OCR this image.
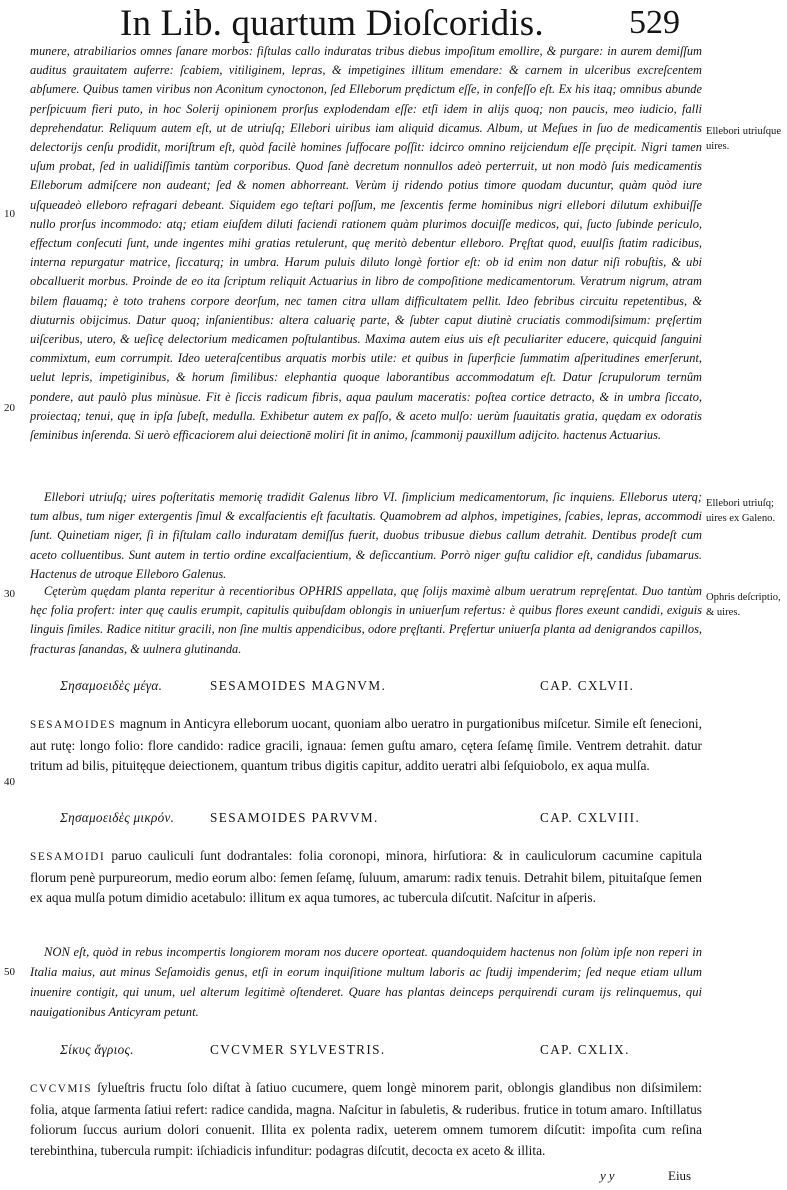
In Lib. quartum Dioſcoridis.	529

munere, atrabiliarios omnes ſanare morbos: fiſtulas callo induratas tribus diebus impoſitum emollire, & purgare: in aurem demiſſum auditus grauitatem auferre: ſcabiem, vitiliginem, lepras, & impetigines illitum emendare: & carnem in ulceribus excreſcentem abſumere. Quibus tamen viribus non Aconitum cynoctonon, ſed Elleborum prędictum eſſe, in confeſſo eſt. Ex his itaq; omnibus abunde perſpicuum fieri puto, in hoc Solerij opinionem prorſus explodendam eſſe: etſi idem in alijs quoq; non paucis, meo iudicio, falli deprehendatur. Reliquum autem eſt, ut de utriuſq; Ellebori uiribus iam aliquid dicamus. Album, ut Meſues in ſuo de medicamentis delectorijs cenſu prodidit, moriſtrum eſt, quòd facilè homines ſuffocare poſſit: idcirco omnino reijciendum eſſe pręcipit. Nigri tamen uſum probat, ſed in ualidiſſimis tantùm corporibus. Quod ſanè decretum nonnullos adeò perterruit, ut non modò ſuis medicamentis Elleborum admiſcere non audeant; ſed & nomen abhorreant. Verùm ij ridendo potius timore quodam ducuntur, quàm quòd iure uſqueadeò elleboro refragari debeant. Siquidem ego teſtari poſſum, me ſexcentis ferme hominibus nigri ellebori dilutum exhibuiſſe nullo prorſus incommodo: atq; etiam eiuſdem diluti faciendi rationem quàm plurimos docuiſſe medicos, qui, ſucto ſubinde periculo, effectum conſecuti ſunt, unde ingentes mihi gratias retulerunt, quę meritò debentur elleboro. Pręſtat quod, euulſis ſtatim radicibus, interna repurgatur matrice, ſiccaturq; in umbra. Harum puluis diluto longè fortior eſt: ob id enim non datur niſi robuſtis, & ubi obcalluerit morbus. Proinde de eo ita ſcriptum reliquit Actuarius in libro de compoſitione medicamentorum. Veratrum nigrum, atram bilem flauamq; è toto trahens corpore deorſum, nec tamen citra ullam difficultatem pellit. Ideo febribus circuitu repetentibus, & diuturnis obijcimus. Datur quoq; inſanientibus: altera caluarię parte, & ſubter caput diutinè cruciatis commodiſsimum: pręſertim uiſceribus, utero, & ueſicę delectorium medicamen poſtulantibus. Maxima autem eius uis eſt peculiariter educere, quicquid ſanguini commixtum, eum corrumpit. Ideo ueteraſcentibus arquatis morbis utile: et quibus in ſuperficie ſummatim aſperitudines emerſerunt, uelut lepris, impetiginibus, & horum ſimilibus: elephantia quoque laborantibus accommodatum eſt. Datur ſcrupulorum ternûm pondere, aut paulò plus minùsue. Fit è ſiccis radicum fibris, aqua paulum maceratis: poſtea cortice detracto, & in umbra ſiccato, proiectaq; tenui, quę in ipſa ſubeſt, medulla. Exhibetur autem ex paſſo, & aceto mulſo: uerùm ſuauitatis gratia, quędam ex odoratis ſeminibus inſerenda. Si uerò efficaciorem alui deiectionē moliri ſit in animo, ſcammonij pauxillum adijcito. hactenus Actuarius.

Ellebori utriuſq; uires poſteritatis memorię tradidit Galenus libro VI. ſimplicium medicamentorum, ſic inquiens. Elleborus uterq; tum albus, tum niger extergentis ſimul & excalfacientis eſt facultatis. Quamobrem ad alphos, impetigines, ſcabies, lepras, accommodi ſunt. Quinetiam niger, ſi in fiſtulam callo induratam demiſſus fuerit, duobus tribusue diebus callum detrahit. Dentibus prodeſt cum aceto colluentibus. Sunt autem in tertio ordine excalfacientium, & deſiccantium. Porrò niger guſtu calidior eſt, candidus ſubamarus. Hactenus de utroque Elleboro Galenus.

Cęterùm quędam planta reperitur à recentioribus OPHRIS appellata, quę ſolijs maximè album ueratrum repręſentat. Duo tantùm hęc folia profert: inter quę caulis erumpit, capitulis quibuſdam oblongis in uniuerſum refertus: è quibus flores exeunt candidi, exiguis linguis ſimiles. Radice nititur gracili, non ſine multis appendicibus, odore pręſtanti. Pręfertur uniuerſa planta ad denigrandos capillos, fracturas ſanandas, & uulnera glutinanda.

Ellebori utriuſque uires.
Ellebori utriuſq; uires ex Galeno.
Ophris deſcriptio, & uires.
10
20
30
40
50
Σησαμοειδὲς μέγα.	SESAMOIDES MAGNVM.	CAP. CXLVII.

SESAMOIDES magnum in Anticyra elleborum uocant, quoniam albo ueratro in purgationibus miſcetur. Simile eſt ſenecioni, aut rutę: longo folio: flore candido: radice gracili, ignaua: ſemen guſtu amaro, cętera ſeſamę ſimile. Ventrem detrahit. datur tritum ad bilis, pituitęque deiectionem, quantum tribus digitis capitur, addito ueratri albi ſeſquiobolo, ex aqua mulſa.

Σησαμοειδὲς μικρόν.	SESAMOIDES PARVVM.	CAP. CXLVIII.

SESAMOIDI paruo cauliculi ſunt dodrantales: folia coronopi, minora, hirſutiora: & in cauliculorum cacumine capitula florum penè purpureorum, medio eorum albo: ſemen ſeſamę, ſuluum, amarum: radix tenuis. Detrahit bilem, pituitaſque ſemen ex aqua mulſa potum dimidio acetabulo: illitum ex aqua tumores, ac tubercula diſcutit. Naſcitur in aſperis.

NON eſt, quòd in rebus incompertis longiorem moram nos ducere oporteat. quandoquidem hactenus non ſolùm ipſe non reperi in Italia maius, aut minus Seſamoidis genus, etſi in eorum inquiſitione multum laboris ac ſtudij impenderim; ſed neque etiam ullum inuenire contigit, qui unum, uel alterum legitimè oſtenderet. Quare has plantas deinceps perquirendi curam ijs relinquemus, qui nauigationibus Anticyram petunt.

Σίκυς ἄγριος.	CVCVMER SYLVESTRIS.	CAP. CXLIX.

CVCVMIS ſylueſtris fructu ſolo diſtat à ſatiuo cucumere, quem longè minorem parit, oblongis glandibus non diſsimilem: folia, atque ſarmenta ſatiui refert: radice candida, magna. Naſcitur in ſabuletis, & ruderibus. frutice in totum amaro. Inſtillatus foliorum ſuccus aurium dolori conuenit. Illita ex polenta radix, ueterem omnem tumorem diſcutit: impoſita cum reſina terebinthina, tubercula rumpit: iſchiadicis infunditur: podagras diſcutit, decocta ex aceto & illita.

yy	Eius
